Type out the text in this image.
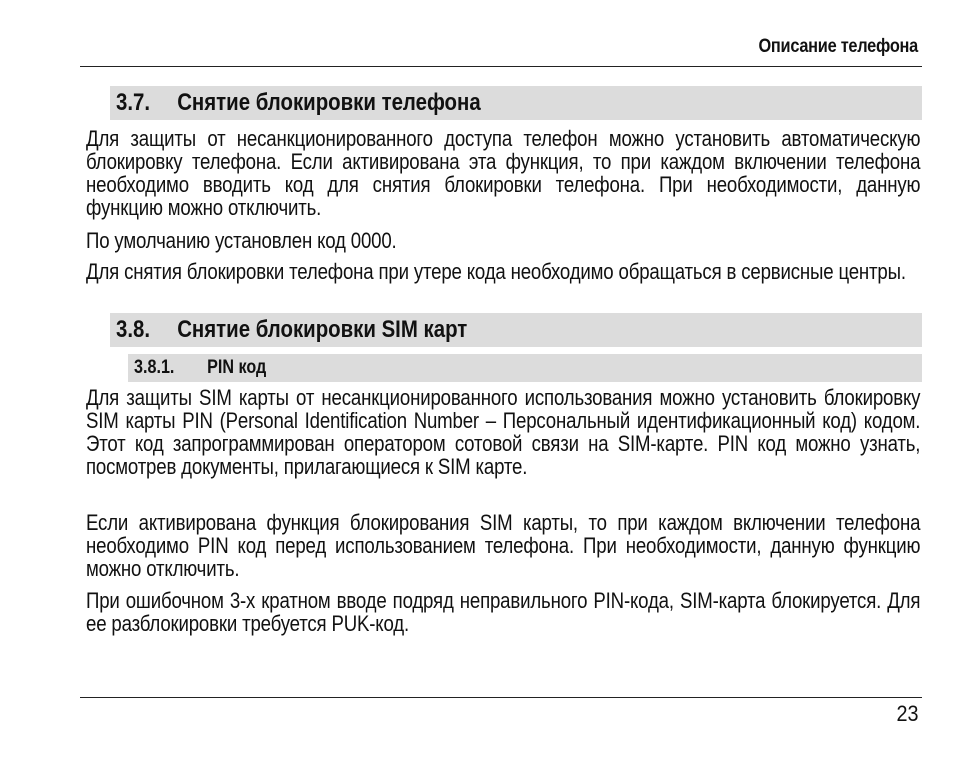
Описание телефона
3.7. Снятие блокировки телефона
Для защиты от несанкционированного доступа телефон можно установить автоматическую блокировку телефона. Если активирована эта функция, то при каждом включении телефона необходимо вводить код для снятия блокировки телефона. При необходимости, данную функцию можно отключить.
По умолчанию установлен код 0000.
Для снятия блокировки телефона при утере кода необходимо обращаться в сервисные центры.
3.8. Снятие блокировки SIM карт
3.8.1. PIN код
Для защиты SIM карты от несанкционированного использования можно установить блокировку SIM карты PIN (Personal Identification Number – Персональный идентификационный код) кодом. Этот код запрограммирован оператором сотовой связи на SIM-карте. PIN код можно узнать, посмотрев документы, прилагающиеся к SIM карте.
Если активирована функция блокирования SIM карты, то при каждом включении телефона необходимо PIN код перед использованием телефона. При необходимости, данную функцию можно отключить.
При ошибочном 3-х кратном вводе подряд неправильного PIN-кода, SIM-карта блокируется. Для ее разблокировки требуется PUK-код.
23
